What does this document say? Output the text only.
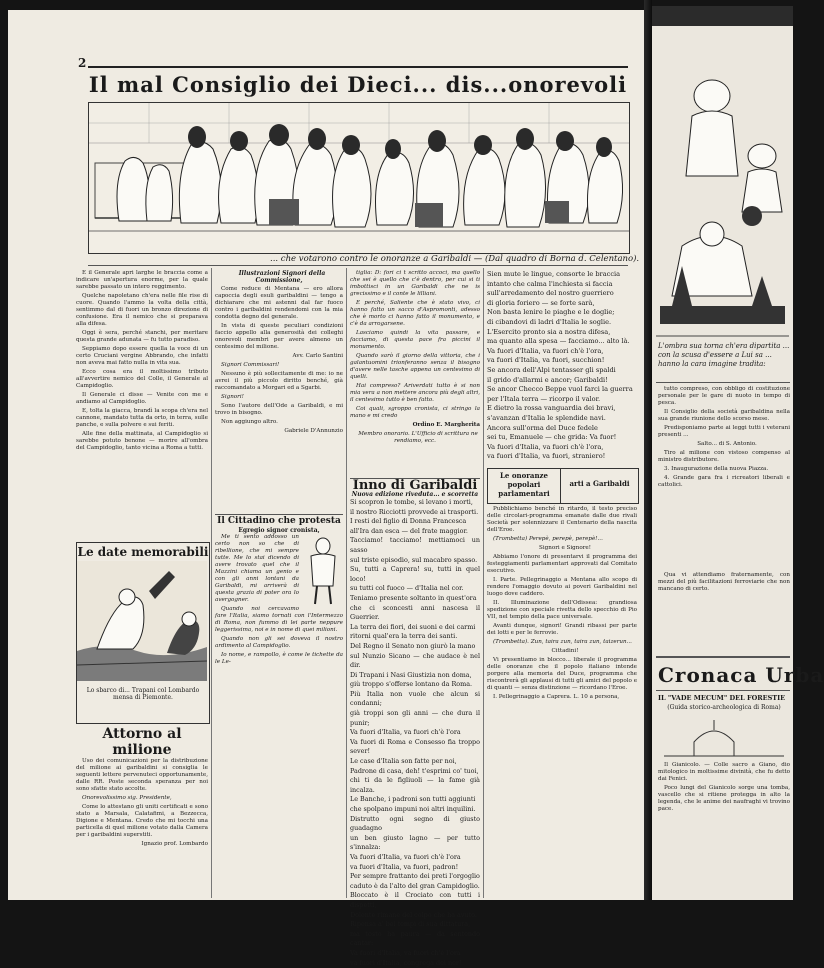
2
Il mal Consiglio dei Dieci... dis...onorevoli
... che votarono contro le onoranze a Garibaldi — (Dal quadro di Borna d. Celentano).

E il Generale apri larghe le braccia come a indicare un'apertura enorme, per la quale sarebbe passato un intero reggimento.

Quelche napoletano ch'era nelle file rise di cuore. Quando l'ammo la volta della città, sentimmo dal di fuori un bronzo direzione di confusione. Era il nemico che si preparava alla difesa.

Oggi è sera, perché stanchi, per meritare questa grande adunata — fu tutto paradiso.

Seppiamo dopo essere quella la voce di un certo Cruciani vergine Abbrando, che infatti non aveva mai fatto nulla in vita sua.

Ecco cosa era il moltissimo tributo all'avvertire nemico del Colle, il Generale al Campidoglio.

Il Generale ci disse — Venite con me e andiamo al Campidoglio.

E, tolta la giacca, brandì la scopa ch'era nel cannone, mandato tutta da orto, in terra, sulle panche, e sulla polvere e sui feriti.

Alle fine della mattinata, al Campidoglio si sarebbe potuto benone — morire all'ombra del Campidoglio, tanto vicina a Roma a tutti.

Le date memorabili
Lo sbarco di... Trapani col Lombardo mensa di Piemonte.
Attorno al milione

Uso dei comunicazioni per la distribuzione del milione ai garibaldini si consiglia le seguenti lettere pervenuteci opportunamente, dalle RR. Poste seconda speranza per noi sono sfatte stato accolte.

Onorevolissimo sig. Presidente,

Come lo attestano gli uniti certificati e sono stato a Marsala, Calatafimi, a Bezzecca, Digione e Mentana. Credo che mi tocchi una particella di quel milione votato dalla Camera per i garibaldini superstiti.

Ignazio prof. Lombardo

Illustrazioni Signori della Commissione,

Come reduce di Mentana — ero allora capoccia degli esuli garibaldini — tengo a dichiarare che mi astenni dal far fuoco contro i garibaldini rendendomi con la mia condotta degno del generale.

In vista di queste peculiari condizioni faccio appello alla generosità dei colleghi onorevoli membri per avere almeno un centesimo del milione.

Avv. Carlo Santini

Signori Commissari!

Nessuno è più sollecitamente di me: io ne avrei il più piccolo diritto benché, già raccomandato a Morgari ed a Sgarbi.

Signori!

Sono l'autore dell'Ode a Garibaldi, e mi trovo in bisogno.

Non aggiungo altro.

Gabriele D'Annunzio

Il Cittadino che protesta
Egregio signor cronista,

Me ti sento addosso un certo non so che di ribellione, che mi sempre tutte. Me lo stai dicendo di avere trovato quel che il Mazzini chiama un genio e con gli anni lontani da Garibaldi, mi arriverà di questa grazia di poter ora lo avergogner.

Quando noi cercavamo fare l'Italia, siamo tornati con l'Intermezzo di Roma, non fummo di lei parte neppure leggerissima, noi e in nome di quei milioni.

Quando non gli sei doveva il nostro ardimento al Campidoglio.

Io nome, e rampollo, è come le tichette da le Le-

tiglia: D: fori ci t scritto accoci, ma quello che sei è quello che c'è dentro, per cui si ti imbottisci in un Garibaldi che ne is grecissimo e il conte le lilliani.

E perché, Saliente che è stato vivo, ci hanno fatto un sacco d'Aspromonti, adesso che è morto ci hanno fatto il monumento, e c'è da arrogarsene.

Lasciamo quindi la vita passare, e facciamo, di questa pace fra piccini il monumento.

Quando sarò il giorno della vittoria, che i galantuomini trionferanno senza il bisogno d'avere nelle tasche appena un centesimo di quelli.

Hai compreso? Ariverdati tutto è si non mia vera a non mettere ancora più degli altri, il centesimo tutto è ben fatto.

Coi quali, sgroppo cronista, ci stringo la mano e mi credo

Ordino E. Margherita

Membro onorario. L'Ufficio di scrittura ne rendiamo, ecc.

Inno di Garibaldi
Nuova edizione riveduta... e scorretta

Si scopron le tombe, si levano i morti,

il nostro Ricciotti provvede ai trasporti.

I resti del figlio di Donna Francesca

all'Ira dan esca — del frate maggior.

Tacciamo! tacciamo! mettiamoci un sasso

sul triste episodio, sul macabro spasso.

Su, tutti a Caprera! su, tutti in quel loco!

su tutti col fuoco — d'Italia nel cor.

Teniamo presente soltanto in quest'ora

che ci sconcesti anni nascesa il Guerrier.

La terra dei fiori, dei suoni e dei carmi

ritorni qual'era la terra dei santi.

Del Regno il Senato non giurò la mano

sul Nunzio Sicano — che audace è nel dir.

Di Trapani i Nasi Giustizia non doma,

giù troppo s'offerse lontano da Roma.

Più Italia non vuole che alcun si condanni;

già troppi son gli anni — che dura il punir;

Va fuori d'Italia, va fuori ch'è l'ora

Va fuori di Roma e Consesso fia troppo sever!

Le case d'Italia son fatte per noi,

Padrone di casa, deh! t'esprimi co' tuoi,

chi ti da le figliuoli — la fame già incalza.

Le Banche, i padroni son tutti aggiunti

che spolpano impuni noi altri inquilini.

Distrutto ogni segno di giusto guadagno

un ben giusto lagno — per tutto s'innalza:

Va fuori d'Italia, va fuori ch'è l'ora

va fuori d'Italia, va fuori, padron!

Per sempre frattanto dei preti l'orgoglio

caduto è da l'alto del gran Campidoglio.

Bloccato è il Crociato con tutti i dispetti,

Dolente rimane del colpo che ha avuto.

Ripensa a' bei tempi di sua dittatura,

ma tosto ha paura — da sentendo cantar:

Va fuori d'Italia, va fuori ch'è l'ora

va fuori d'Italia, congrega dei ner!

Sien mute le lingue, consorte le braccia

intanto che calma l'inchiesta si faccia

sull'arredamento del nostro guerriero

di gloria foriero — se forte sarà,

Non basta lenire le piaghe e le doglie;

di cibandovi di ladri d'Italia le soglie.

L'Esercito pronto sia a nostra difesa,

ma quanto alla spesa — facciamo... alto là.

Va fuori d'Italia, va fuori ch'è l'ora,

va fuori d'Italia, va fuori, succhion!

Se ancora dell'Alpi tentasser gli spaldi

il grido d'allarmi e ancor; Garibaldi!

Se ancor Checco Beppe vuol farci la guerra

per l'Itala terra — ricorpo il valor.

E dietro la rossa vanguardia dei bravi,

s'avanzan d'Italia le splendide navi.

Ancora sull'orma del Duce fedele

sei tu, Emanuele — che grida: Va fuor!

Va fuori d'Italia, va fuori ch'è l'ora,

va fuori d'Italia, va fuori, straniero!

Le onoranze popolari parlamentari
arti a Garibaldi

Pubblichiamo benché in ritardo, il testo preciso delle circolari-programma emanate dalle due rivali Società per solennizzare il Centenario della nascita dell'Eroe.

(Trombetta) Perepè, perepè, perepè!...

Signori e Signore!

Abbiamo l'onore di presentarvi il programma dei festeggiamenti parlamentari approvati dal Comitato esecutivo.

I. Parte. Pellegrinaggio a Mentana allo scopo di rendere l'omaggio dovuto ai poveri Garibaldini nel luogo dove caddero.

II. Illuminazione dell'Odissea: grandiosa spedizione con speciale rivetta dello specchio di Pio VII, nel tempio della pace universale.

Avanti dunque, signori! Grandi ribassi per parte dei lotti e per le ferrovie.

(Trombetta). Zun, taira zun, taira zun, taizerun...

Cittadini!

Vi presentiamo in blocco... liberale il programma delle onoranze che il popolo italiano intende porgere alla memoria del Duce, programma che riscontrerà gli applausi di tutti gli amici del popolo e di quanti — senza distinzione — ricordano l'Eroe.

I. Pellegrinaggio a Caprera. L. 10 a persona,

L'ombra sua torna ch'era dipartita ... con la scusa d'essere a Lui sa ... hanno la cara imagine tradita:

tutto compreso, con obbligo di costituzione personale per le gare di nuoto in tempo di pesca.

Il Consiglio della società garibaldina nella sua grande riunione dello scorso mese.

Predisponiamo parte ai leggi tutti i veterani presenti ...

Salto... di S. Antonio.

Tiro al milione con vistoso compenso al ministro distributore.

3. Inaugurazione della nuova Piazza.

4. Grande gara fra i ricreatori liberali e cattolici.

Qua vi attendiamo fraternamente, con mezzi del più facilitazioni ferroviarie che non mancano di certo.

Cronaca Urba
IL "VADE MECUM" DEL FORESTIE
(Guida storico-archeologica di Roma)

Il Gianicolo. — Colle sacro a Giano, dio mitologico in moltissime divinità, che fu detto dai Fenici.

Poco lungi del Gianicolo sorge una tomba, vascello che si ritiene protegga in alto la legenda, che le anime dei naufraghi vi trovino pace.
